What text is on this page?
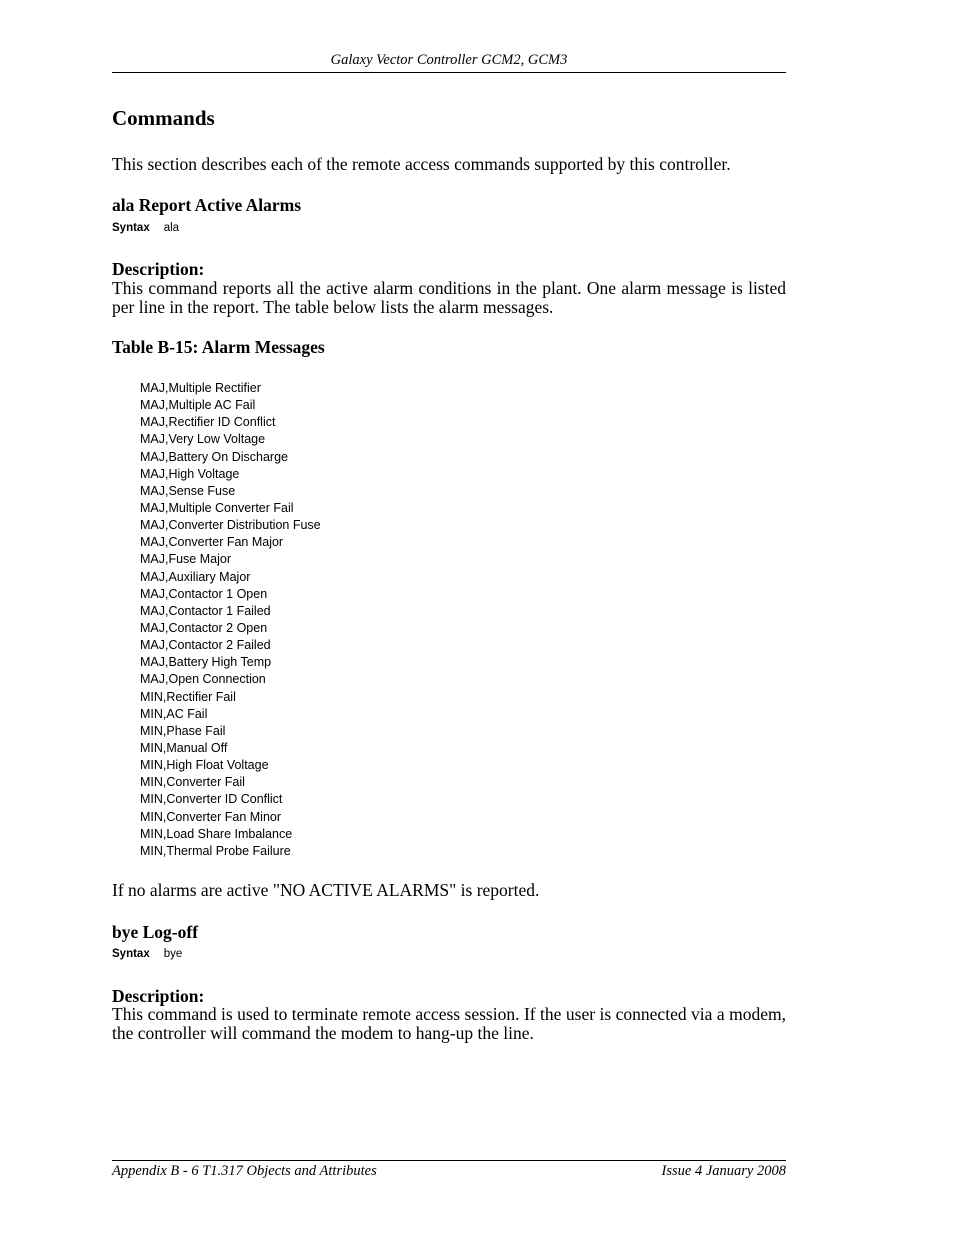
Galaxy Vector Controller GCM2, GCM3
Commands

This section describes each of the remote access commands supported by this controller.

ala Report Active Alarms

Syntax ala

Description:

This command reports all the active alarm conditions in the plant. One alarm message is listed per line in the report. The table below lists the alarm messages.

Table B-15: Alarm Messages
MAJ,Multiple Rectifier
MAJ,Multiple AC Fail
MAJ,Rectifier ID Conflict
MAJ,Very Low Voltage
MAJ,Battery On Discharge
MAJ,High Voltage
MAJ,Sense Fuse
MAJ,Multiple Converter Fail
MAJ,Converter Distribution Fuse
MAJ,Converter Fan Major
MAJ,Fuse Major
MAJ,Auxiliary Major
MAJ,Contactor 1 Open
MAJ,Contactor 1 Failed
MAJ,Contactor 2 Open
MAJ,Contactor 2 Failed
MAJ,Battery High Temp
MAJ,Open Connection
MIN,Rectifier Fail
MIN,AC Fail
MIN,Phase Fail
MIN,Manual Off
MIN,High Float Voltage
MIN,Converter Fail
MIN,Converter ID Conflict
MIN,Converter Fan Minor
MIN,Load Share Imbalance
MIN,Thermal Probe Failure

If no alarms are active "NO ACTIVE ALARMS" is reported.

bye Log-off

Syntax bye

Description:

This command is used to terminate remote access session. If the user is connected via a modem, the controller will command the modem to hang-up the line.

Appendix B - 6 T1.317 Objects and Attributes	Issue 4 January 2008
